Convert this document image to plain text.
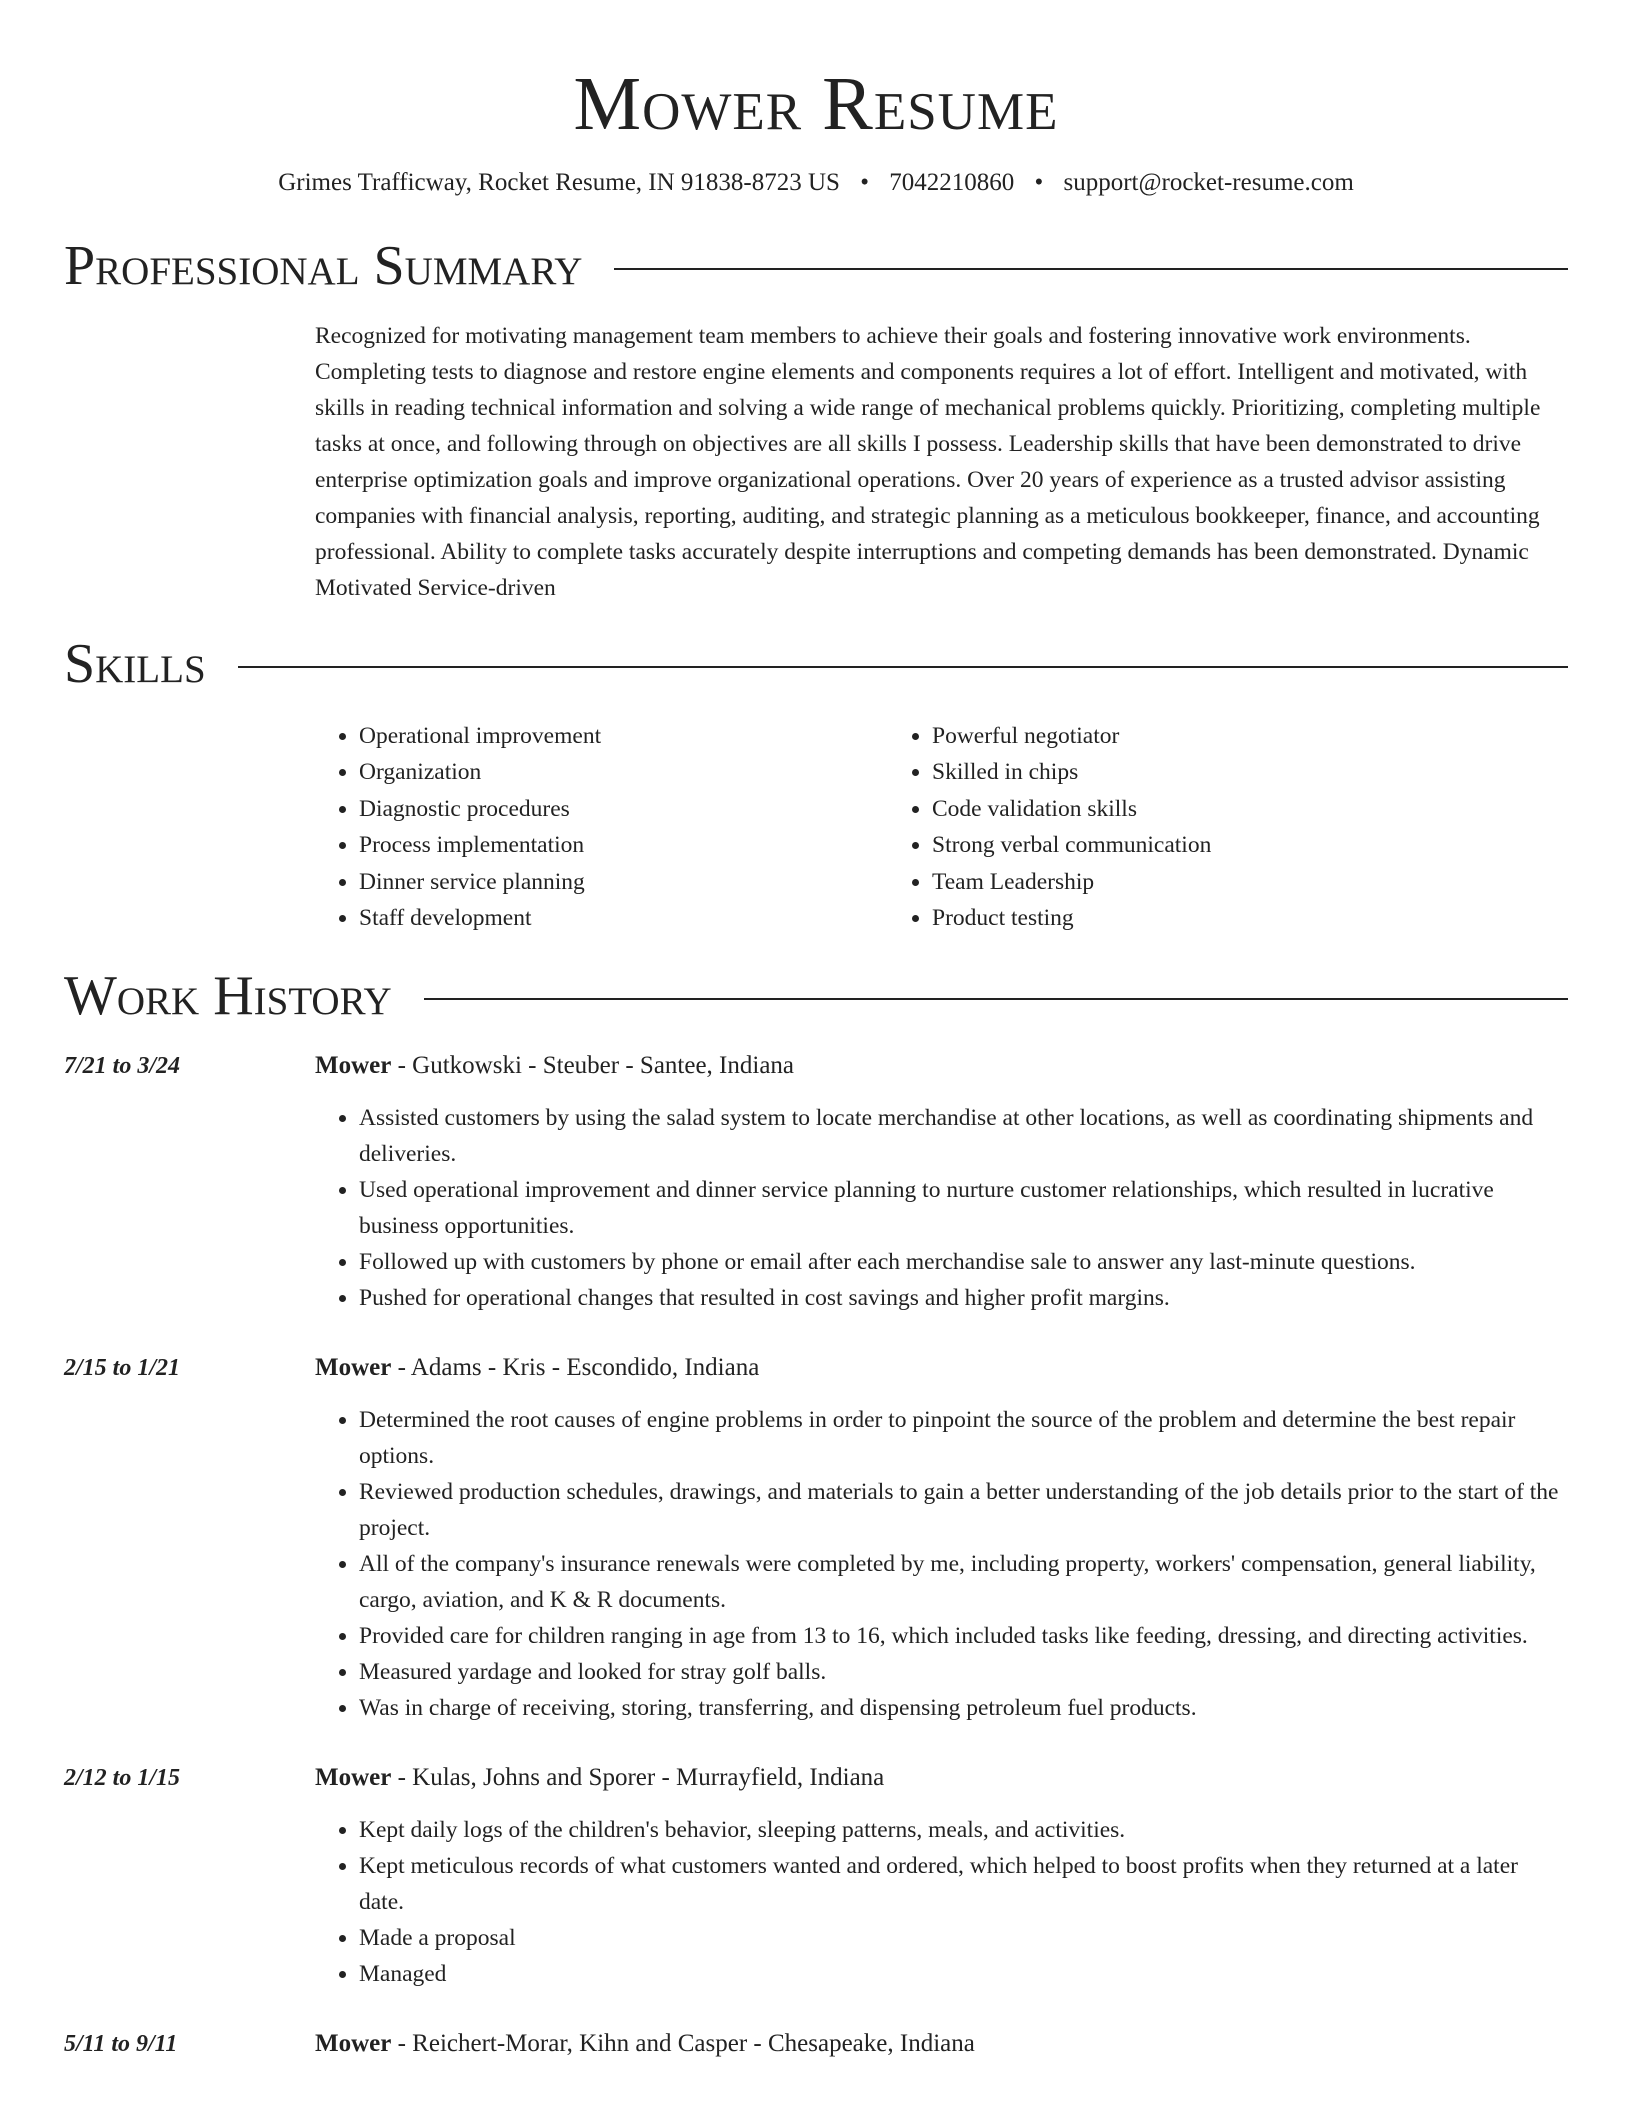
Mower Resume
Grimes Trafficway, Rocket Resume, IN 91838-8723 US • 7042210860 • support@rocket-resume.com
Professional Summary
Recognized for motivating management team members to achieve their goals and fostering innovative work environments. Completing tests to diagnose and restore engine elements and components requires a lot of effort. Intelligent and motivated, with skills in reading technical information and solving a wide range of mechanical problems quickly. Prioritizing, completing multiple tasks at once, and following through on objectives are all skills I possess. Leadership skills that have been demonstrated to drive enterprise optimization goals and improve organizational operations. Over 20 years of experience as a trusted advisor assisting companies with financial analysis, reporting, auditing, and strategic planning as a meticulous bookkeeper, finance, and accounting professional. Ability to complete tasks accurately despite interruptions and competing demands has been demonstrated. Dynamic Motivated Service-driven
Skills
• Operational improvement
• Organization
• Diagnostic procedures
• Process implementation
• Dinner service planning
• Staff development
• Powerful negotiator
• Skilled in chips
• Code validation skills
• Strong verbal communication
• Team Leadership
• Product testing
Work History
7/21 to 3/24	Mower - Gutkowski - Steuber - Santee, Indiana
• Assisted customers by using the salad system to locate merchandise at other locations, as well as coordinating shipments and deliveries.
• Used operational improvement and dinner service planning to nurture customer relationships, which resulted in lucrative business opportunities.
• Followed up with customers by phone or email after each merchandise sale to answer any last-minute questions.
• Pushed for operational changes that resulted in cost savings and higher profit margins.
2/15 to 1/21	Mower - Adams - Kris - Escondido, Indiana
• Determined the root causes of engine problems in order to pinpoint the source of the problem and determine the best repair options.
• Reviewed production schedules, drawings, and materials to gain a better understanding of the job details prior to the start of the project.
• All of the company's insurance renewals were completed by me, including property, workers' compensation, general liability, cargo, aviation, and K & R documents.
• Provided care for children ranging in age from 13 to 16, which included tasks like feeding, dressing, and directing activities.
• Measured yardage and looked for stray golf balls.
• Was in charge of receiving, storing, transferring, and dispensing petroleum fuel products.
2/12 to 1/15	Mower - Kulas, Johns and Sporer - Murrayfield, Indiana
• Kept daily logs of the children's behavior, sleeping patterns, meals, and activities.
• Kept meticulous records of what customers wanted and ordered, which helped to boost profits when they returned at a later date.
• Made a proposal
• Managed
5/11 to 9/11	Mower - Reichert-Morar, Kihn and Casper - Chesapeake, Indiana
